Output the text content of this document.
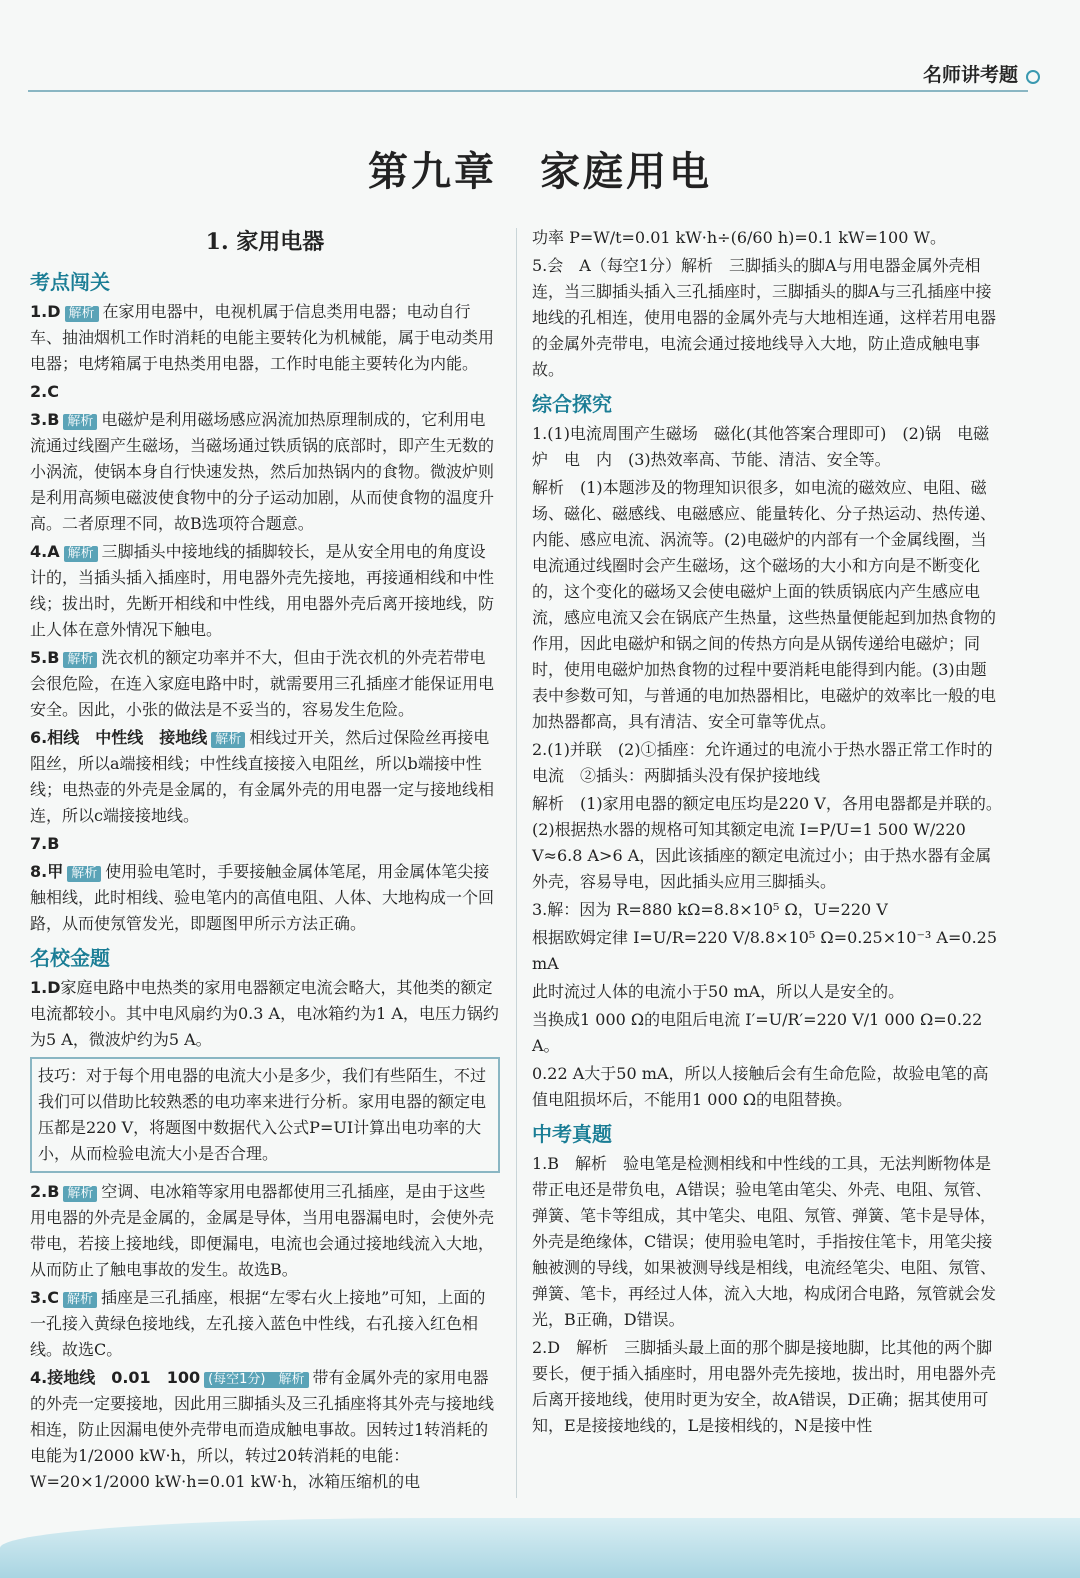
名师讲考题
第九章　家庭用电
1. 家用电器
考点闯关

1.D 解析 在家用电器中，电视机属于信息类用电器；电动自行车、抽油烟机工作时消耗的电能主要转化为机械能，属于电动类用电器；电烤箱属于电热类用电器，工作时电能主要转化为内能。

2.C

3.B 解析 电磁炉是利用磁场感应涡流加热原理制成的，它利用电流通过线圈产生磁场，当磁场通过铁质锅的底部时，即产生无数的小涡流，使锅本身自行快速发热，然后加热锅内的食物。微波炉则是利用高频电磁波使食物中的分子运动加剧，从而使食物的温度升高。二者原理不同，故B选项符合题意。

4.A 解析 三脚插头中接地线的插脚较长，是从安全用电的角度设计的，当插头插入插座时，用电器外壳先接地，再接通相线和中性线；拔出时，先断开相线和中性线，用电器外壳后离开接地线，防止人体在意外情况下触电。

5.B 解析 洗衣机的额定功率并不大，但由于洗衣机的外壳若带电会很危险，在连入家庭电路中时，就需要用三孔插座才能保证用电安全。因此，小张的做法是不妥当的，容易发生危险。

6.相线　中性线　接地线 解析 相线过开关，然后过保险丝再接电阻丝，所以a端接相线；中性线直接接入电阻丝，所以b端接中性线；电热壶的外壳是金属的，有金属外壳的用电器一定与接地线相连，所以c端接接地线。

7.B

8.甲 解析 使用验电笔时，手要接触金属体笔尾，用金属体笔尖接触相线，此时相线、验电笔内的高值电阻、人体、大地构成一个回路，从而使氖管发光，即题图甲所示方法正确。

名校金题

1.D家庭电路中电热类的家用电器额定电流会略大，其他类的额定电流都较小。其中电风扇约为0.3 A，电冰箱约为1 A，电压力锅约为5 A，微波炉约为5 A。

技巧：对于每个用电器的电流大小是多少，我们有些陌生，不过我们可以借助比较熟悉的电功率来进行分析。家用电器的额定电压都是220 V，将题图中数据代入公式P=UI计算出电功率的大小，从而检验电流大小是否合理。

2.B 解析 空调、电冰箱等家用电器都使用三孔插座，是由于这些用电器的外壳是金属的，金属是导体，当用电器漏电时，会使外壳带电，若接上接地线，即便漏电，电流也会通过接地线流入大地，从而防止了触电事故的发生。故选B。

3.C 解析 插座是三孔插座，根据“左零右火上接地”可知，上面的一孔接入黄绿色接地线，左孔接入蓝色中性线，右孔接入红色相线。故选C。

4.接地线　0.01　100 (每空1分)　解析 带有金属外壳的家用电器的外壳一定要接地，因此用三脚插头及三孔插座将其外壳与接地线相连，防止因漏电使外壳带电而造成触电事故。因转过1转消耗的电能为1/2000 kW·h，所以，转过20转消耗的电能：W=20×1/2000 kW·h=0.01 kW·h，冰箱压缩机的电

功率 P=W/t=0.01 kW·h÷(6/60 h)=0.1 kW=100 W。

5.会　A（每空1分）解析　三脚插头的脚A与用电器金属外壳相连，当三脚插头插入三孔插座时，三脚插头的脚A与三孔插座中接地线的孔相连，使用电器的金属外壳与大地相连通，这样若用电器的金属外壳带电，电流会通过接地线导入大地，防止造成触电事故。

综合探究

1.(1)电流周围产生磁场　磁化(其他答案合理即可)　(2)锅　电磁炉　电　内　(3)热效率高、节能、清洁、安全等。

解析　(1)本题涉及的物理知识很多，如电流的磁效应、电阻、磁场、磁化、磁感线、电磁感应、能量转化、分子热运动、热传递、内能、感应电流、涡流等。(2)电磁炉的内部有一个金属线圈，当电流通过线圈时会产生磁场，这个磁场的大小和方向是不断变化的，这个变化的磁场又会使电磁炉上面的铁质锅底内产生感应电流，感应电流又会在锅底产生热量，这些热量便能起到加热食物的作用，因此电磁炉和锅之间的传热方向是从锅传递给电磁炉；同时，使用电磁炉加热食物的过程中要消耗电能得到内能。(3)由题表中参数可知，与普通的电加热器相比，电磁炉的效率比一般的电加热器都高，具有清洁、安全可靠等优点。

2.(1)并联　(2)①插座：允许通过的电流小于热水器正常工作时的电流　②插头：两脚插头没有保护接地线

解析　(1)家用电器的额定电压均是220 V，各用电器都是并联的。(2)根据热水器的规格可知其额定电流 I=P/U=1 500 W/220 V≈6.8 A>6 A，因此该插座的额定电流过小；由于热水器有金属外壳，容易导电，因此插头应用三脚插头。

3.解：因为 R=880 kΩ=8.8×10⁵ Ω，U=220 V

根据欧姆定律 I=U/R=220 V/8.8×10⁵ Ω=0.25×10⁻³ A=0.25 mA

此时流过人体的电流小于50 mA，所以人是安全的。

当换成1 000 Ω的电阻后电流 I′=U/R′=220 V/1 000 Ω=0.22 A。

0.22 A大于50 mA，所以人接触后会有生命危险，故验电笔的高值电阻损坏后，不能用1 000 Ω的电阻替换。

中考真题

1.B　解析　验电笔是检测相线和中性线的工具，无法判断物体是带正电还是带负电，A错误；验电笔由笔尖、外壳、电阻、氖管、弹簧、笔卡等组成，其中笔尖、电阻、氖管、弹簧、笔卡是导体，外壳是绝缘体，C错误；使用验电笔时，手指按住笔卡，用笔尖接触被测的导线，如果被测导线是相线，电流经笔尖、电阻、氖管、弹簧、笔卡，再经过人体，流入大地，构成闭合电路，氖管就会发光，B正确，D错误。

2.D　解析　三脚插头最上面的那个脚是接地脚，比其他的两个脚要长，便于插入插座时，用电器外壳先接地，拔出时，用电器外壳后离开接地线，使用时更为安全，故A错误，D正确；据其使用可知，E是接接地线的，L是接相线的，N是接中性
